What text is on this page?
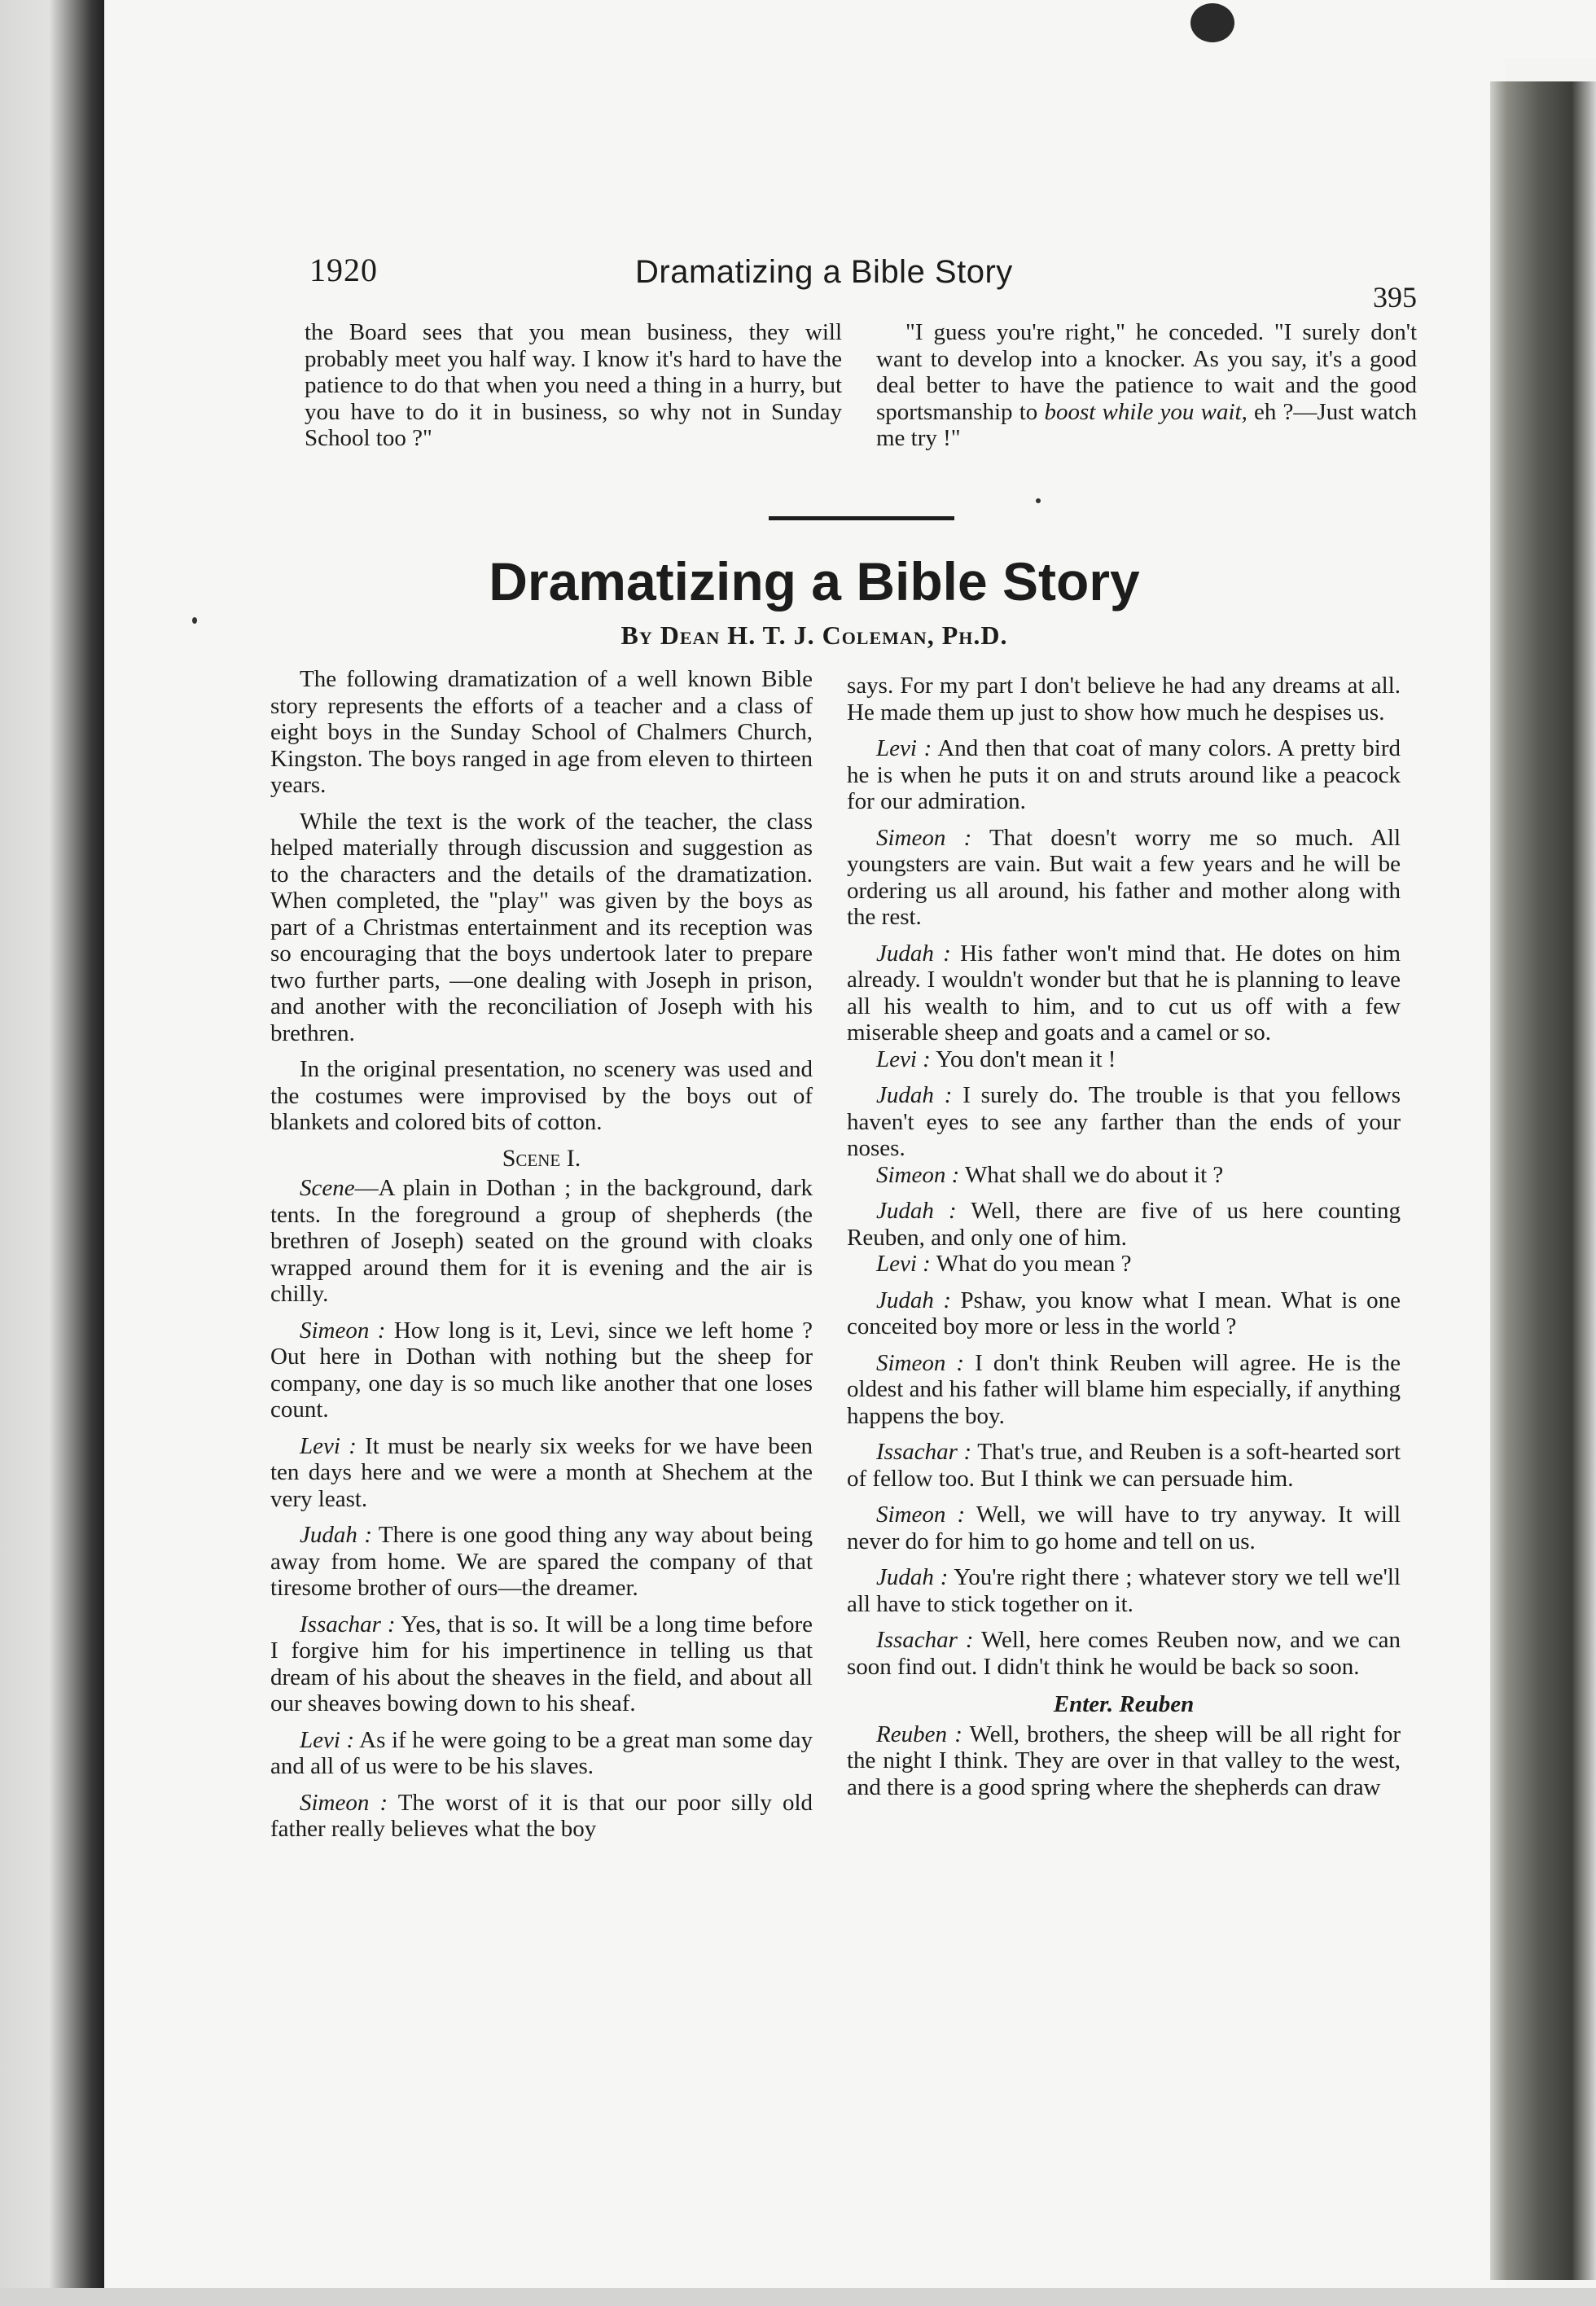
1920	Dramatizing a Bible Story
395

the Board sees that you mean business, they will probably meet you half way. I know it's hard to have the patience to do that when you need a thing in a hurry, but you have to do it in business, so why not in Sunday School too ?"

"I guess you're right," he conceded. "I surely don't want to develop into a knocker. As you say, it's a good deal better to have the patience to wait and the good sportsmanship to boost while you wait, eh ?—Just watch me try !"

Dramatizing a Bible Story
By Dean H. T. J. Coleman, Ph.D.

The following dramatization of a well known Bible story represents the efforts of a teacher and a class of eight boys in the Sunday School of Chalmers Church, Kingston. The boys ranged in age from eleven to thirteen years.

While the text is the work of the teacher, the class helped materially through discussion and suggestion as to the characters and the details of the dramatization. When completed, the "play" was given by the boys as part of a Christmas entertainment and its reception was so encouraging that the boys undertook later to prepare two further parts, —one dealing with Joseph in prison, and another with the reconciliation of Joseph with his brethren.

In the original presentation, no scenery was used and the costumes were improvised by the boys out of blankets and colored bits of cotton.

Scene I.

Scene—A plain in Dothan ; in the background, dark tents. In the foreground a group of shepherds (the brethren of Joseph) seated on the ground with cloaks wrapped around them for it is evening and the air is chilly.

Simeon : How long is it, Levi, since we left home ? Out here in Dothan with nothing but the sheep for company, one day is so much like another that one loses count.

Levi : It must be nearly six weeks for we have been ten days here and we were a month at Shechem at the very least.

Judah : There is one good thing any way about being away from home. We are spared the company of that tiresome brother of ours—the dreamer.

Issachar : Yes, that is so. It will be a long time before I forgive him for his impertinence in telling us that dream of his about the sheaves in the field, and about all our sheaves bowing down to his sheaf.

Levi : As if he were going to be a great man some day and all of us were to be his slaves.

Simeon : The worst of it is that our poor silly old father really believes what the boy

says. For my part I don't believe he had any dreams at all. He made them up just to show how much he despises us.

Levi : And then that coat of many colors. A pretty bird he is when he puts it on and struts around like a peacock for our admiration.

Simeon : That doesn't worry me so much. All youngsters are vain. But wait a few years and he will be ordering us all around, his father and mother along with the rest.

Judah : His father won't mind that. He dotes on him already. I wouldn't wonder but that he is planning to leave all his wealth to him, and to cut us off with a few miserable sheep and goats and a camel or so.

Levi : You don't mean it !

Judah : I surely do. The trouble is that you fellows haven't eyes to see any farther than the ends of your noses.

Simeon : What shall we do about it ?

Judah : Well, there are five of us here counting Reuben, and only one of him.

Levi : What do you mean ?

Judah : Pshaw, you know what I mean. What is one conceited boy more or less in the world ?

Simeon : I don't think Reuben will agree. He is the oldest and his father will blame him especially, if anything happens the boy.

Issachar : That's true, and Reuben is a soft-hearted sort of fellow too. But I think we can persuade him.

Simeon : Well, we will have to try anyway. It will never do for him to go home and tell on us.

Judah : You're right there ; whatever story we tell we'll all have to stick together on it.

Issachar : Well, here comes Reuben now, and we can soon find out. I didn't think he would be back so soon.

Enter. Reuben

Reuben : Well, brothers, the sheep will be all right for the night I think. They are over in that valley to the west, and there is a good spring where the shepherds can draw
